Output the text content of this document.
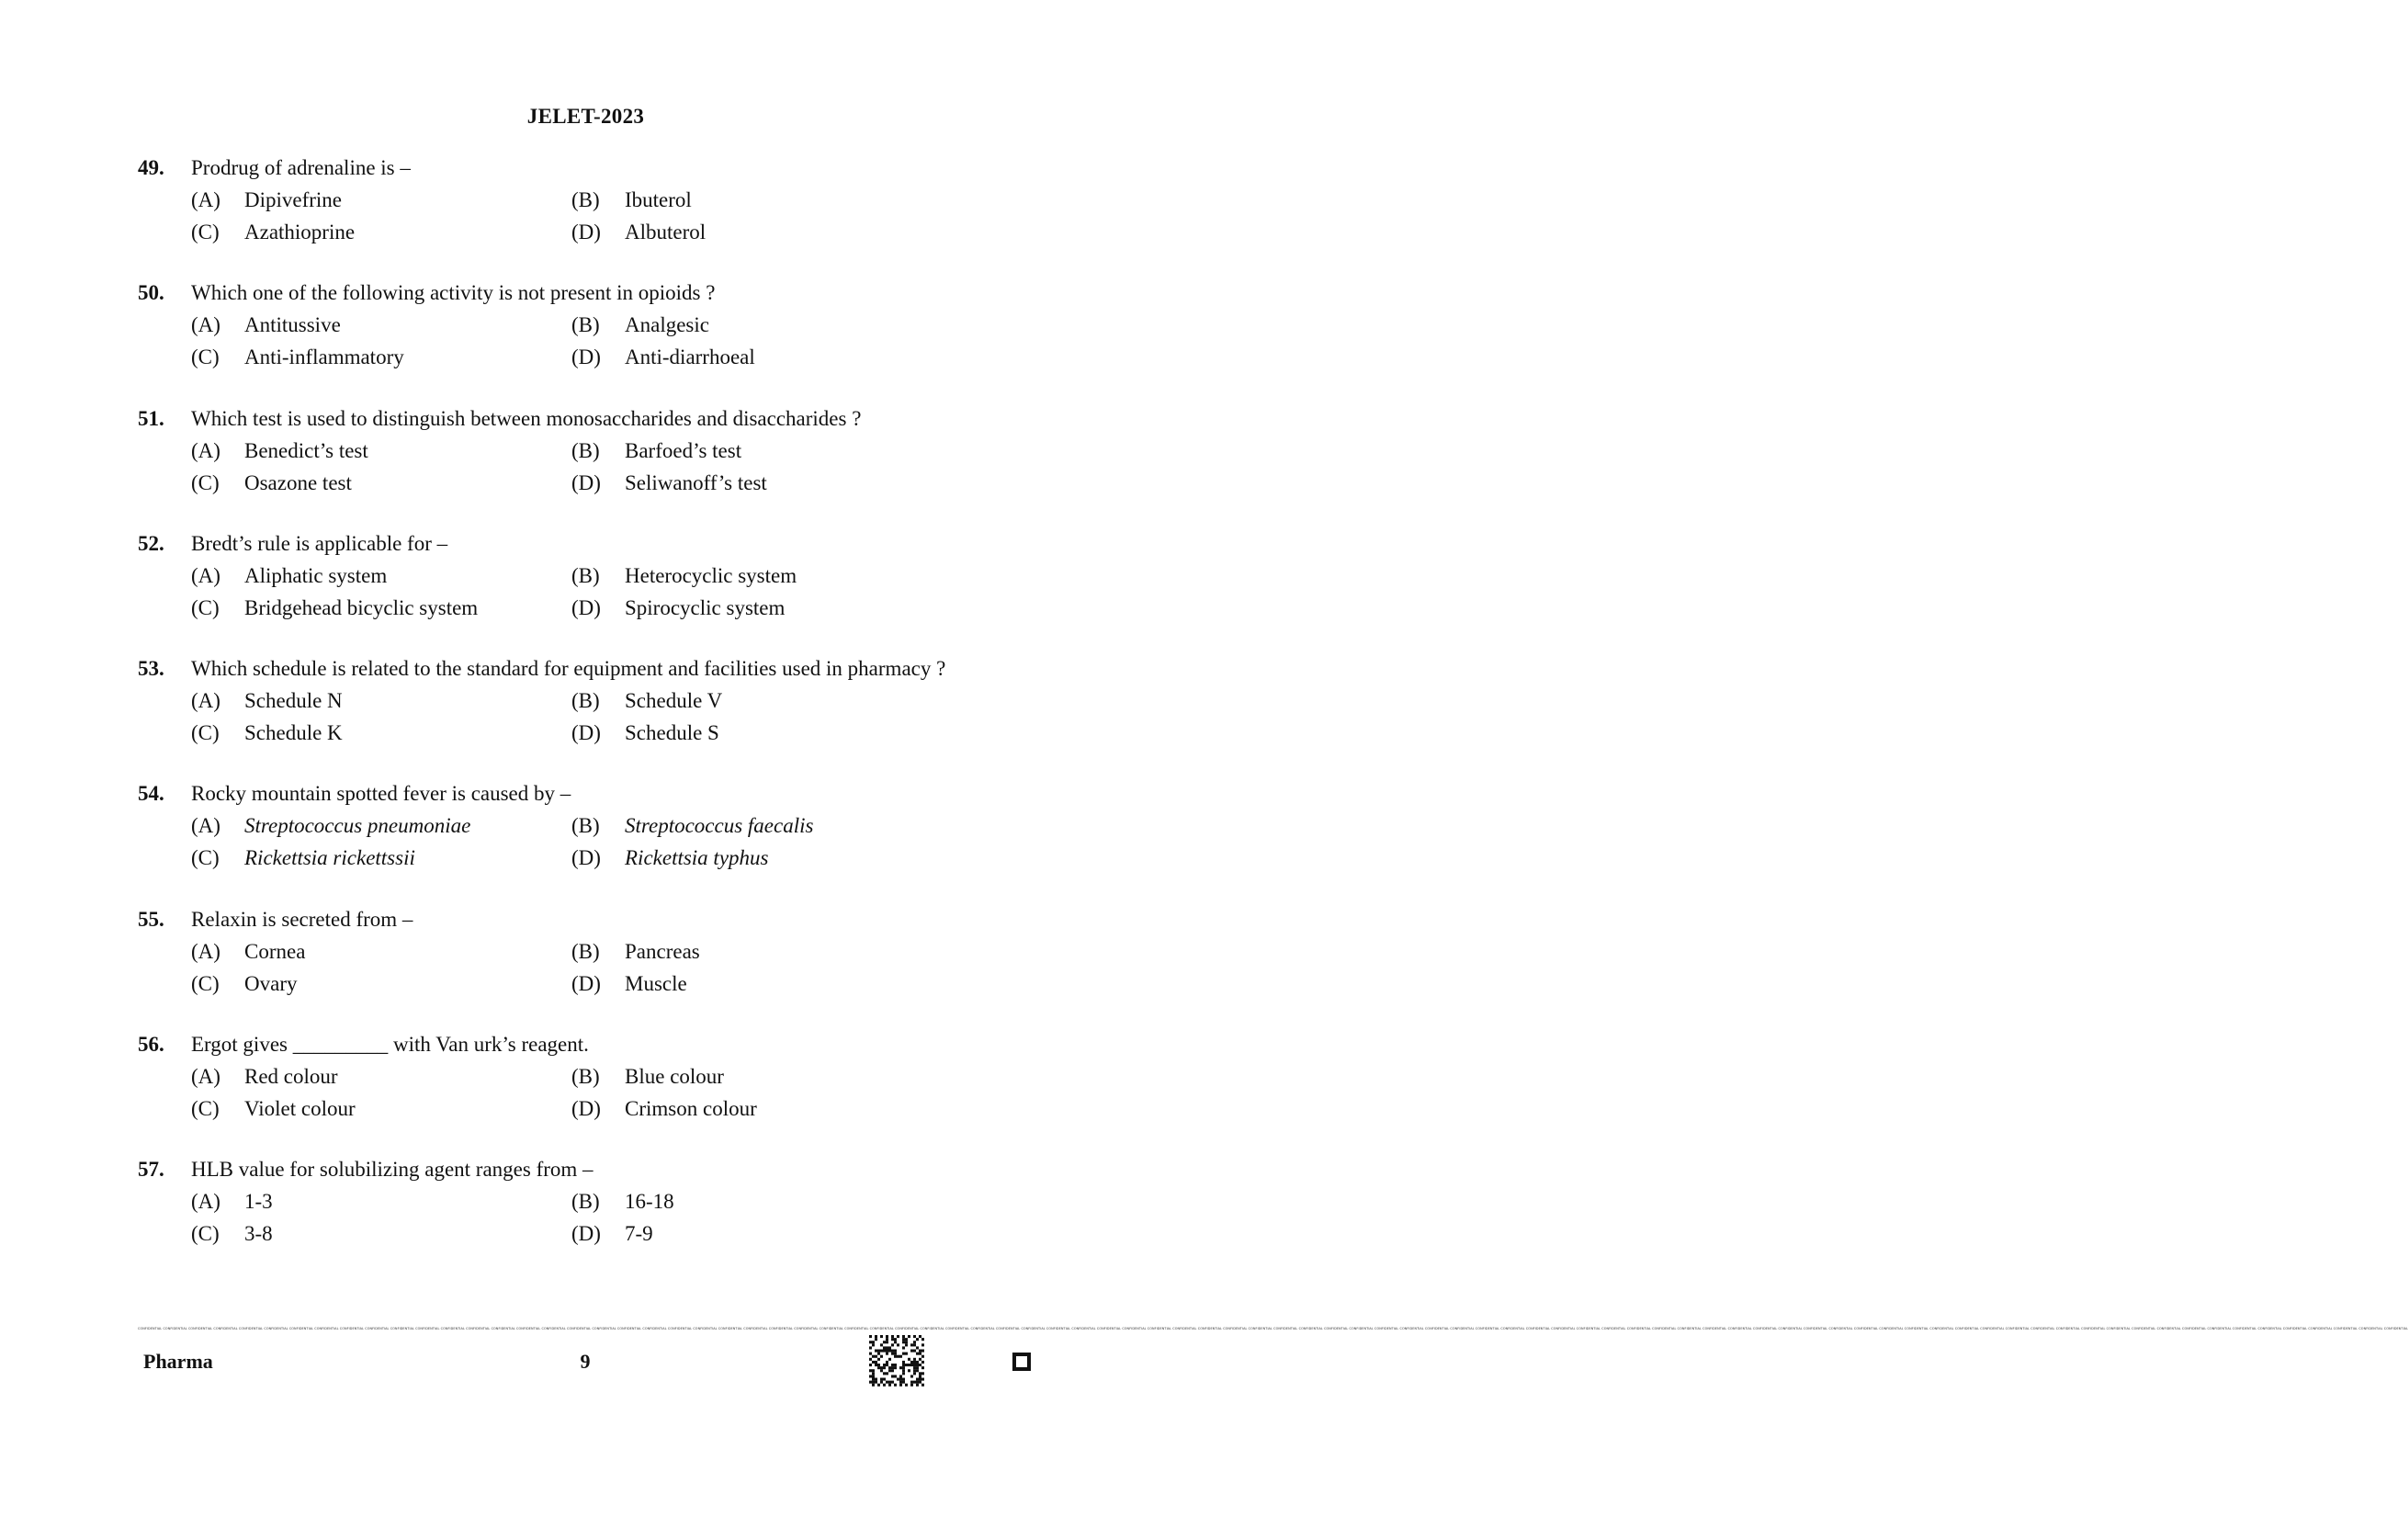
JELET-2023
49. Prodrug of adrenaline is –
(A) Dipivefrine	(B) Ibuterol
(C) Azathioprine	(D) Albuterol
50. Which one of the following activity is not present in opioids ?
(A) Antitussive	(B) Analgesic
(C) Anti-inflammatory	(D) Anti-diarrhoeal
51. Which test is used to distinguish between monosaccharides and disaccharides ?
(A) Benedict’s test	(B) Barfoed’s test
(C) Osazone test	(D) Seliwanoff’s test
52. Bredt’s rule is applicable for –
(A) Aliphatic system	(B) Heterocyclic system
(C) Bridgehead bicyclic system	(D) Spirocyclic system
53. Which schedule is related to the standard for equipment and facilities used in pharmacy ?
(A) Schedule N	(B) Schedule V
(C) Schedule K	(D) Schedule S
54. Rocky mountain spotted fever is caused by –
(A) Streptococcus pneumoniae	(B) Streptococcus faecalis
(C) Rickettsia rickettssii	(D) Rickettsia typhus
55. Relaxin is secreted from –
(A) Cornea	(B) Pancreas
(C) Ovary	(D) Muscle
56. Ergot gives _________ with Van urk’s reagent.
(A) Red colour	(B) Blue colour
(C) Violet colour	(D) Crimson colour
57. HLB value for solubilizing agent ranges from –
(A) 1-3	(B) 16-18
(C) 3-8	(D) 7-9
CONFIDENTIAL CONFIDENTIAL CONFIDENTIAL CONFIDENTIAL CONFIDENTIAL CONFIDENTIAL CONFIDENTIAL CONFIDENTIAL CONFIDENTIAL CONFIDENTIAL CONFIDENTIAL CONFIDENTIAL CONFIDENTIAL CONFIDENTIAL CONFIDENTIAL CONFIDENTIAL CONFIDENTIAL CONFIDENTIAL CONFIDENTIAL CONFIDENTIAL CONFIDENTIAL CONFIDENTIAL CONFIDENTIAL CONFIDENTIAL CONFIDENTIAL CONFIDENTIAL CONFIDENTIAL CONFIDENTIAL CONFIDENTIAL CONFIDENTIAL CONFIDENTIAL CONFIDENTIAL CONFIDENTIAL CONFIDENTIAL CONFIDENTIAL CONFIDENTIAL CONFIDENTIAL CONFIDENTIAL CONFIDENTIAL CONFIDENTIAL CONFIDENTIAL CONFIDENTIAL CONFIDENTIAL CONFIDENTIAL CONFIDENTIAL CONFIDENTIAL CONFIDENTIAL CONFIDENTIAL CONFIDENTIAL CONFIDENTIAL CONFIDENTIAL CONFIDENTIAL CONFIDENTIAL CONFIDENTIAL CONFIDENTIAL CONFIDENTIAL CONFIDENTIAL CONFIDENTIAL CONFIDENTIAL CONFIDENTIAL CONFIDENTIAL CONFIDENTIAL CONFIDENTIAL CONFIDENTIAL CONFIDENTIAL CONFIDENTIAL CONFIDENTIAL CONFIDENTIAL CONFIDENTIAL CONFIDENTIAL CONFIDENTIAL CONFIDENTIAL CONFIDENTIAL CONFIDENTIAL CONFIDENTIAL CONFIDENTIAL CONFIDENTIAL CONFIDENTIAL CONFIDENTIAL CONFIDENTIAL CONFIDENTIAL CONFIDENTIAL CONFIDENTIAL CONFIDENTIAL CONFIDENTIAL CONFIDENTIAL CONFIDENTIAL CONFIDENTIAL CONFIDENTIAL CONFIDENTIAL
Pharma	9
